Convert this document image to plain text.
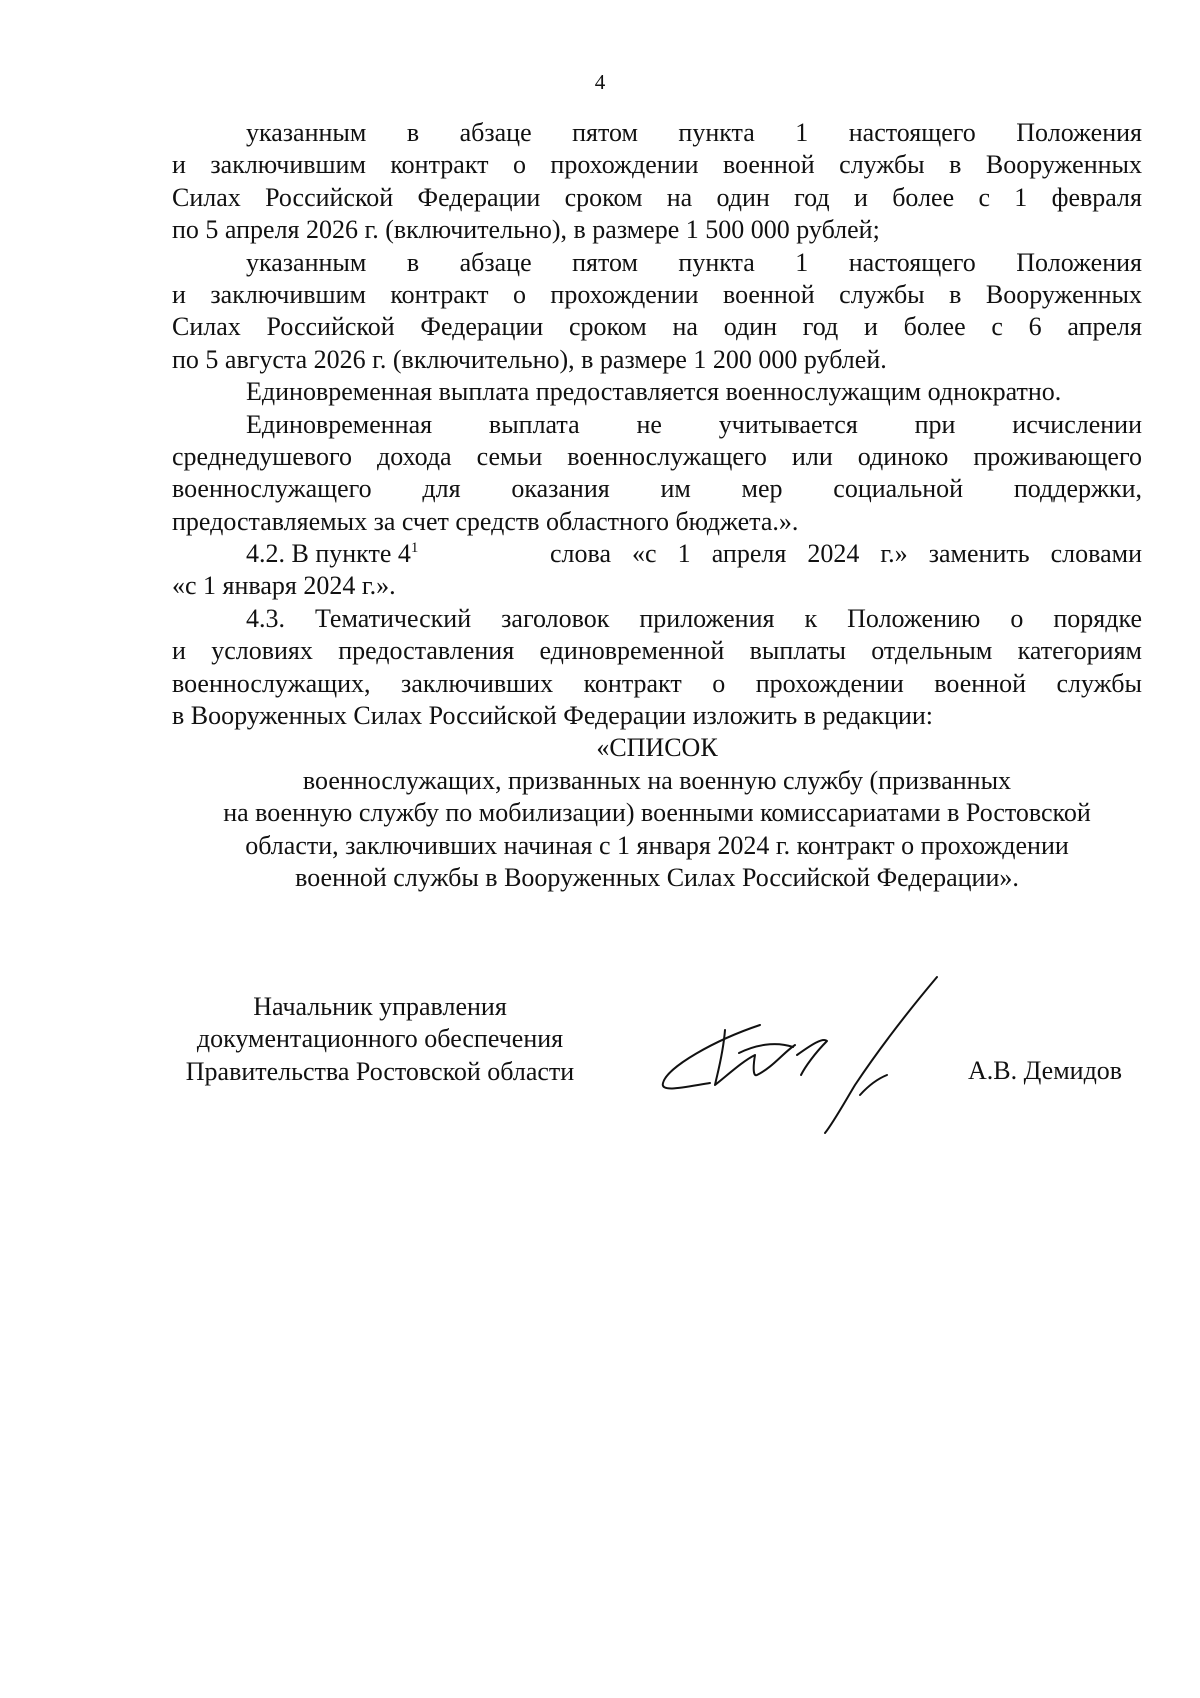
4
указанным в абзаце пятом пункта 1 настоящего Положения
и заключившим контракт о прохождении военной службы в Вооруженных
Силах Российской Федерации сроком на один год и более с 1 февраля
по 5 апреля 2026 г. (включительно), в размере 1 500 000 рублей;
указанным в абзаце пятом пункта 1 настоящего Положения
и заключившим контракт о прохождении военной службы в Вооруженных
Силах Российской Федерации сроком на один год и более с 6 апреля
по 5 августа 2026 г. (включительно), в размере 1 200 000 рублей.
Единовременная выплата предоставляется военнослужащим однократно.
Единовременная выплата не учитывается при исчислении
среднедушевого дохода семьи военнослужащего или одиноко проживающего
военнослужащего для оказания им мер социальной поддержки,
предоставляемых за счет средств областного бюджета.».
4.2. В пункте $4^1$	слова «с 1 апреля 2024 г.» заменить словами
«с 1 января 2024 г.».
4.3. Тематический заголовок приложения к Положению о порядке
и условиях предоставления единовременной выплаты отдельным категориям
военнослужащих, заключивших контракт о прохождении военной службы
в Вооруженных Силах Российской Федерации изложить в редакции:
«СПИСОК
военнослужащих, призванных на военную службу (призванных
на военную службу по мобилизации) военными комиссариатами в Ростовской
области, заключивших начиная с 1 января 2024 г. контракт о прохождении
военной службы в Вооруженных Силах Российской Федерации».
Начальник управления
документационного обеспечения
Правительства Ростовской области	А.В. Демидов
